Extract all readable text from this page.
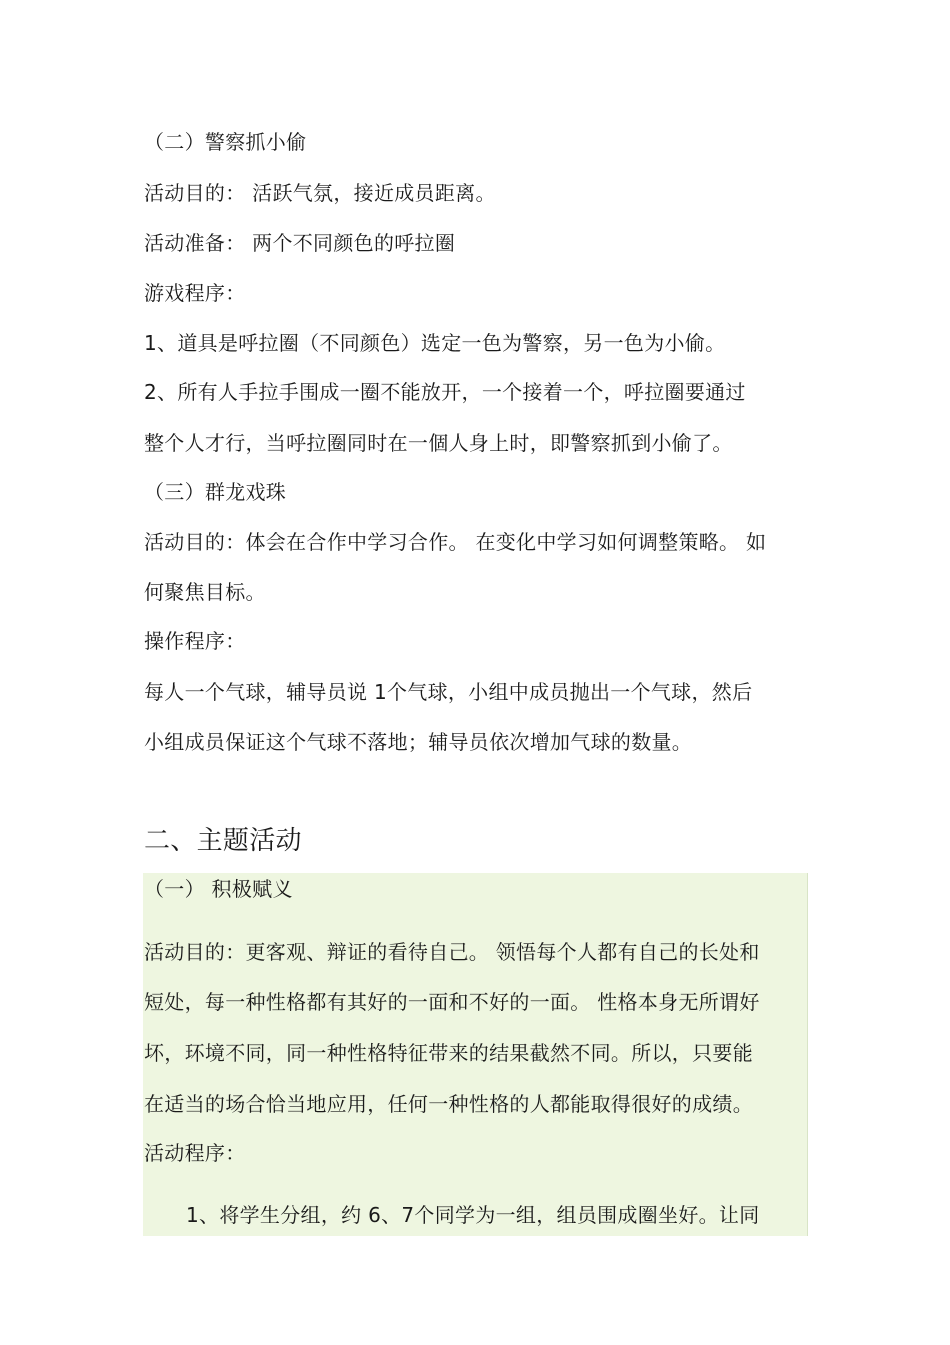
（二）警察抓小偷
活动目的： 活跃气氛，接近成员距离。
活动准备： 两个不同颜色的呼拉圈
游戏程序：
1、道具是呼拉圈（不同颜色）选定一色为警察，另一色为小偷。
2、所有人手拉手围成一圈不能放开，一个接着一个，呼拉圈要通过
整个人才行，当呼拉圈同时在一個人身上时，即警察抓到小偷了。
（三）群龙戏珠
活动目的：体会在合作中学习合作。 在变化中学习如何调整策略。 如
何聚焦目标。
操作程序：
每人一个气球，辅导员说 1个气球，小组中成员抛出一个气球，然后
小组成员保证这个气球不落地；辅导员依次增加气球的数量。
二、主题活动
（一） 积极赋义
活动目的：更客观、辩证的看待自己。 领悟每个人都有自己的长处和
短处，每一种性格都有其好的一面和不好的一面。 性格本身无所谓好
坏，环境不同，同一种性格特征带来的结果截然不同。所以，只要能
在适当的场合恰当地应用，任何一种性格的人都能取得很好的成绩。
活动程序：
1、将学生分组，约 6、7个同学为一组，组员围成圈坐好。让同
